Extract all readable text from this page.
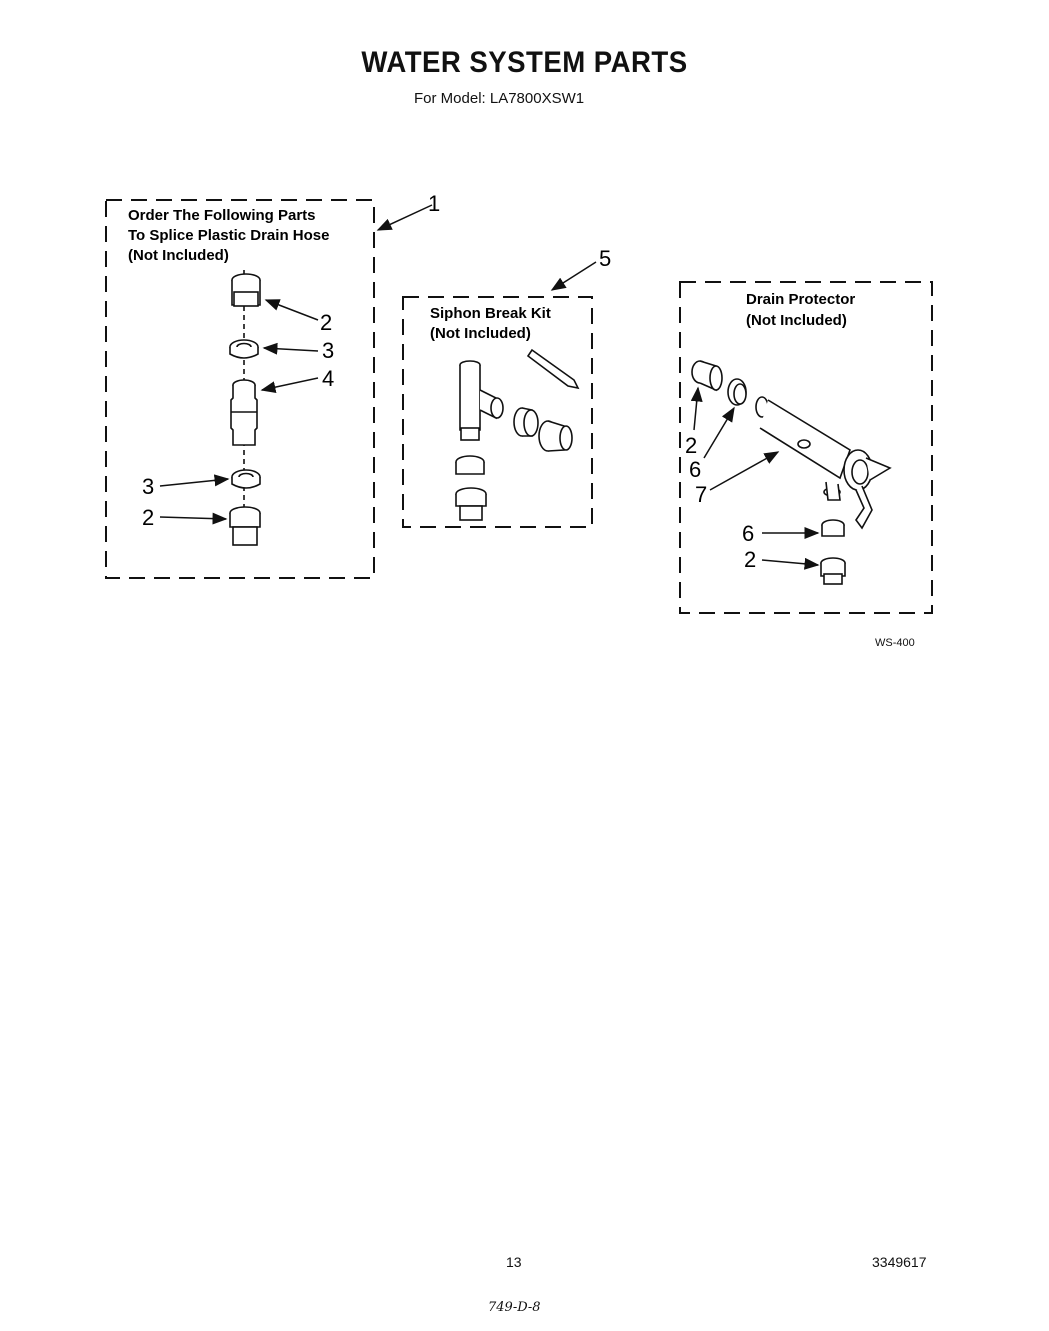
WATER SYSTEM PARTS
For Model: LA7800XSW1
Order The Following Parts
To Splice Plastic Drain Hose
(Not Included)
1
2
3
4
3
2
Siphon Break Kit
(Not Included)
5
Drain Protector
(Not Included)
2
6
7
6
2
WS-400
13	3349617
749-D-8
